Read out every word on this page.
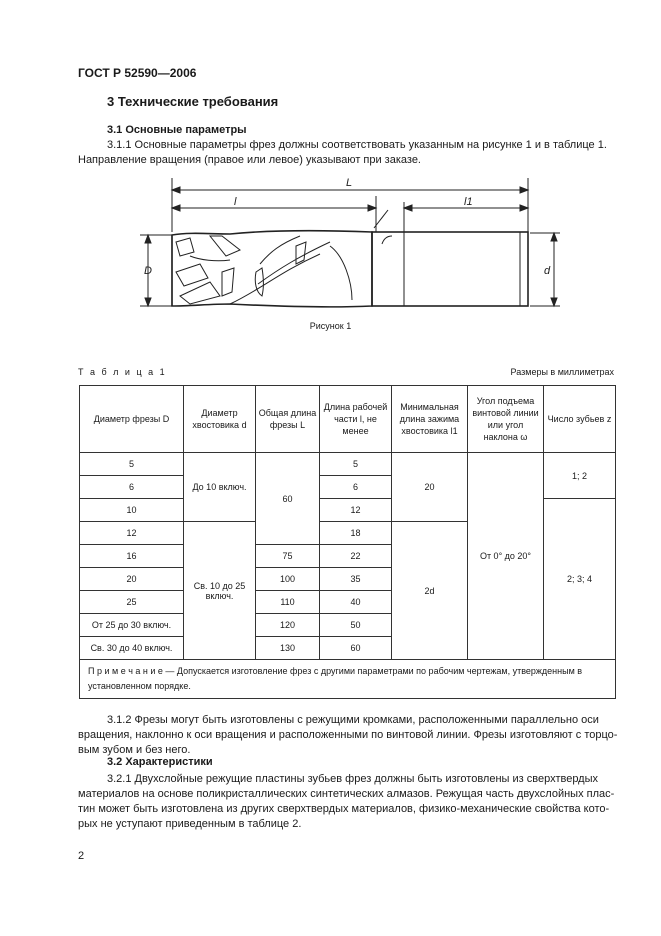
ГОСТ Р 52590—2006
3 Технические требования
3.1 Основные параметры
3.1.1 Основные параметры фрез должны соответствовать указанным на рисунке 1 и в таблице 1.
Направление вращения (правое или левое) указывают при заказе.
L
l	l1
D	d
Рисунок 1
Т а б л и ц а 1	Размеры в миллиметрах
Диаметр фрезы D	Диаметр хвостовика d	Общая длина фрезы L	Длина рабочей части l, не менее	Минимальная длина зажима хвостовика l1	Угол подъема винтовой линии или угол наклона ω	Число зубьев z
5	До 10 включ.	60	5	20	От 0° до 20°	1; 2
6			6			
10			12			2; 3; 4
12	Св. 10 до 25 включ.		18	2d		
16		75	22			
20		100	35			
25		110	40			
От 25 до 30 включ.		120	50			
Св. 30 до 40 включ.		130	60			
П р и м е ч а н и е — Допускается изготовление фрез с другими параметрами по рабочим чертежам, утвержденным в установленном порядке.						
3.1.2 Фрезы могут быть изготовлены с режущими кромками, расположенными параллельно оси
вращения, наклонно к оси вращения и расположенными по винтовой линии. Фрезы изготовляют с торцо-
вым зубом и без него.
3.2 Характеристики
3.2.1 Двухслойные режущие пластины зубьев фрез должны быть изготовлены из сверхтвердых
материалов на основе поликристаллических синтетических алмазов. Режущая часть двухслойных плас-
тин может быть изготовлена из других сверхтвердых материалов, физико-механические свойства кото-
рых не уступают приведенным в таблице 2.
2
